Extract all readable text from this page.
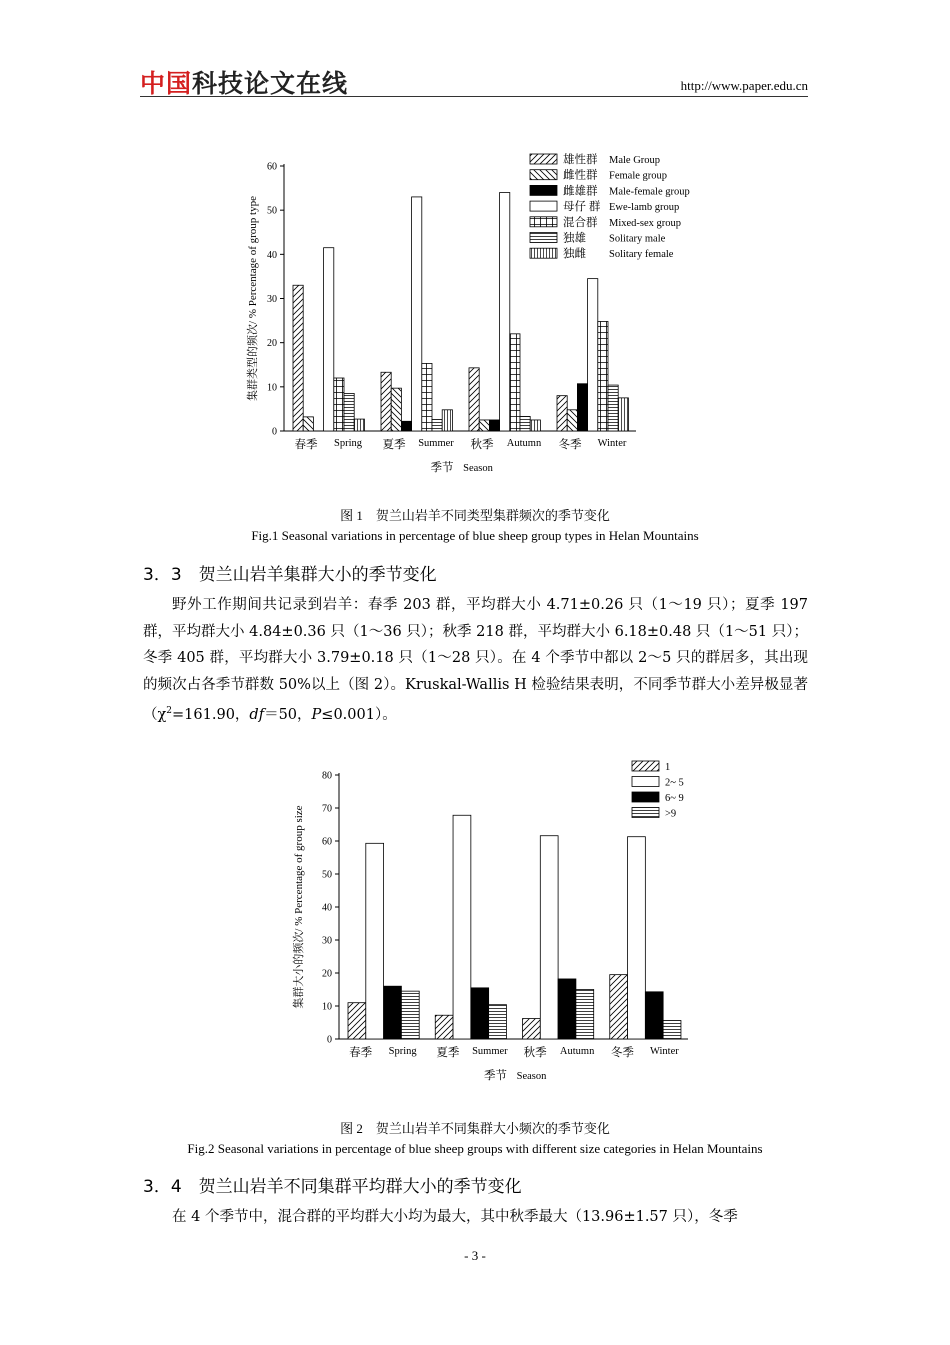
中国科技论文在线	http://www.paper.edu.cn
0
10
20
30
40
50
60
集群类型的频次/ % Percentage of group type
春季 Spring 夏季 Summer 秋季 Autumn 冬季 Winter
季节 Season
雄性群 Male Group
雌性群 Female group
雌雄群 Male-female group
母仔 群 Ewe-lamb group
混合群 Mixed-sex group
独雄 Solitary male
独雌 Solitary female
图 1　贺兰山岩羊不同类型集群频次的季节变化
Fig.1 Seasonal variations in percentage of blue sheep group types in Helan Mountains
3．3　贺兰山岩羊集群大小的季节变化
野外工作期间共记录到岩羊：春季 203 群，平均群大小 4.71±0.26 只（1～19 只）；夏季 197 群，平均群大小 4.84±0.36 只（1～36 只）；秋季 218 群，平均群大小 6.18±0.48 只（1～51 只）；冬季 405 群，平均群大小 3.79±0.18 只（1～28 只）。在 4 个季节中都以 2～5 只的群居多，其出现的频次占各季节群数 50%以上（图 2）。Kruskal-Wallis H 检验结果表明，不同季节群大小差异极显著（$\chi^2=161.90$，df＝50，P≤0.001）。
0
10
20
30
40
50
60
70
80
集群大小的频次/ % Percentage of group size
春季 Spring 夏季 Summer 秋季 Autumn 冬季 Winter
季节 Season
1
2~ 5
6~ 9
>9
图 2　贺兰山岩羊不同集群大小频次的季节变化
Fig.2 Seasonal variations in percentage of blue sheep groups with different size categories in Helan Mountains
3．4　贺兰山岩羊不同集群平均群大小的季节变化
在 4 个季节中，混合群的平均群大小均为最大，其中秋季最大（13.96±1.57 只），冬季
- 3 -
